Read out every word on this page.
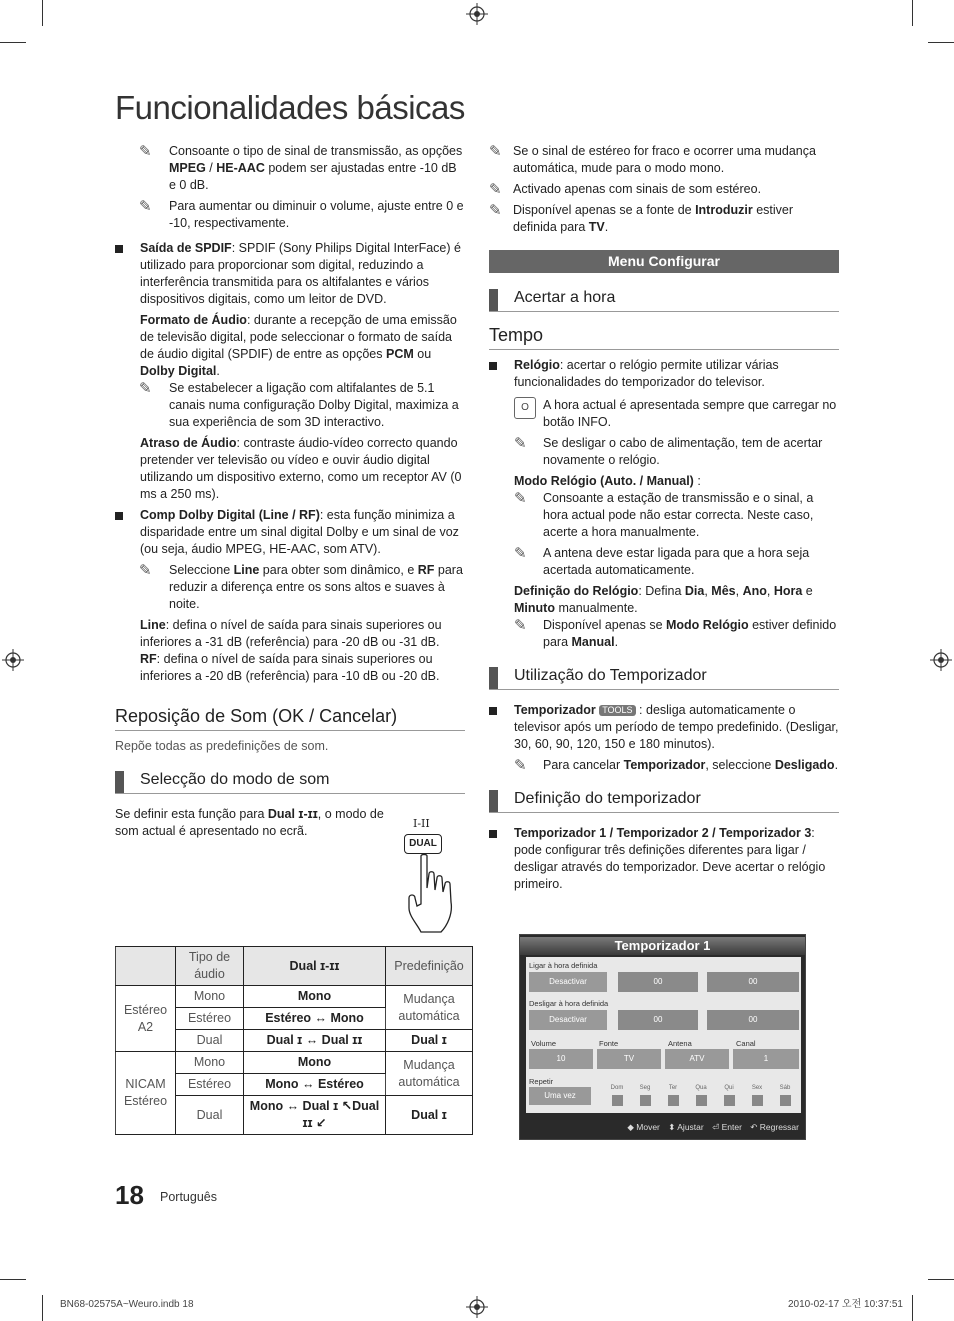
Funcionalidades básicas
✎ Consoante o tipo de sinal de transmissão, as opções MPEG / HE-AAC podem ser ajustadas entre -10 dB e 0 dB.

✎ Para aumentar ou diminuir o volume, ajuste entre 0 e -10, respectivamente.

Saída de SPDIF: SPDIF (Sony Philips Digital InterFace) é utilizado para proporcionar som digital, reduzindo a interferência transmitida para os altifalantes e vários dispositivos digitais, como um leitor de DVD.

Formato de Áudio: durante a recepção de uma emissão de televisão digital, pode seleccionar o formato de saída de áudio digital (SPDIF) de entre as opções PCM ou Dolby Digital.

✎ Se estabelecer a ligação com altifalantes de 5.1 canais numa configuração Dolby Digital, maximiza a sua experiência de som 3D interactivo.

Atraso de Áudio: contraste áudio-vídeo correcto quando pretender ver televisão ou vídeo e ouvir áudio digital utilizando um dispositivo externo, como um receptor AV (0 ms a 250 ms).

Comp Dolby Digital (Line / RF): esta função minimiza a disparidade entre um sinal digital Dolby e um sinal de voz (ou seja, áudio MPEG, HE-AAC, som ATV).

✎ Seleccione Line para obter som dinâmico, e RF para reduzir a diferença entre os sons altos e suaves à noite.

Line: defina o nível de saída para sinais superiores ou inferiores a -31 dB (referência) para -20 dB ou -31 dB.

RF: defina o nível de saída para sinais superiores ou inferiores a -20 dB (referência) para -10 dB ou -20 dB.

Reposição de Som (OK / Cancelar)

Repõe todas as predefinições de som.

Selecção do modo de som

Se definir esta função para Dual ɪ-ɪɪ, o modo de som actual é apresentado no ecrã.

I-II
DUAL
	Tipo de áudio	Dual ɪ-ɪɪ	Predefinição
Estéreo A2	Mono	Mono	Mudança automática
	Estéreo	Estéreo ↔ Mono	
	Dual	Dual ɪ ↔ Dual ɪɪ	Dual ɪ
NICAM Estéreo	Mono	Mono	Mudança automática
	Estéreo	Mono ↔ Estéreo	
	Dual	Mono ↔ Dual ɪ ↖Dual ɪɪ ↙	Dual ɪ
✎ Se o sinal de estéreo for fraco e ocorrer uma mudança automática, mude para o modo mono.

✎ Activado apenas com sinais de som estéreo.

✎ Disponível apenas se a fonte de Introduzir estiver definida para TV.

Menu Configurar
Acertar a hora
Tempo

Relógio: acertar o relógio permite utilizar várias funcionalidades do temporizador do televisor.

O	A hora actual é apresentada sempre que carregar no botão INFO.

✎ Se desligar o cabo de alimentação, tem de acertar novamente o relógio.

Modo Relógio (Auto. / Manual) :

✎ Consoante a estação de transmissão e o sinal, a hora actual pode não estar correcta. Neste caso, acerte a hora manualmente.

✎ A antena deve estar ligada para que a hora seja acertada automaticamente.

Definição do Relógio: Defina Dia, Mês, Ano, Hora e Minuto manualmente.

✎ Disponível apenas se Modo Relógio estiver definido para Manual.

Utilização do Temporizador

Temporizador TOOLS : desliga automaticamente o televisor após um período de tempo predefinido. (Desligar, 30, 60, 90, 120, 150 e 180 minutos).

✎ Para cancelar Temporizador, seleccione Desligado.

Definição do temporizador

Temporizador 1 / Temporizador 2 / Temporizador 3: pode configurar três definições diferentes para ligar / desligar através do temporizador. Deve acertar o relógio primeiro.

Temporizador 1
Ligar à hora definida
Desactivar	00	00
Desligar à hora definida
Desactivar	00	00
Volume	Fonte	Antena	Canal
10	TV	ATV	1
Repetir
Uma vez
Dom	Seg	Ter	Qua	Qui	Sex	Sáb
◆ Mover ⬍ Ajustar ⏎ Enter ↶ Regressar
18 Português
BN68-02575A~Weuro.indb 18	2010-02-17 오전 10:37:51
